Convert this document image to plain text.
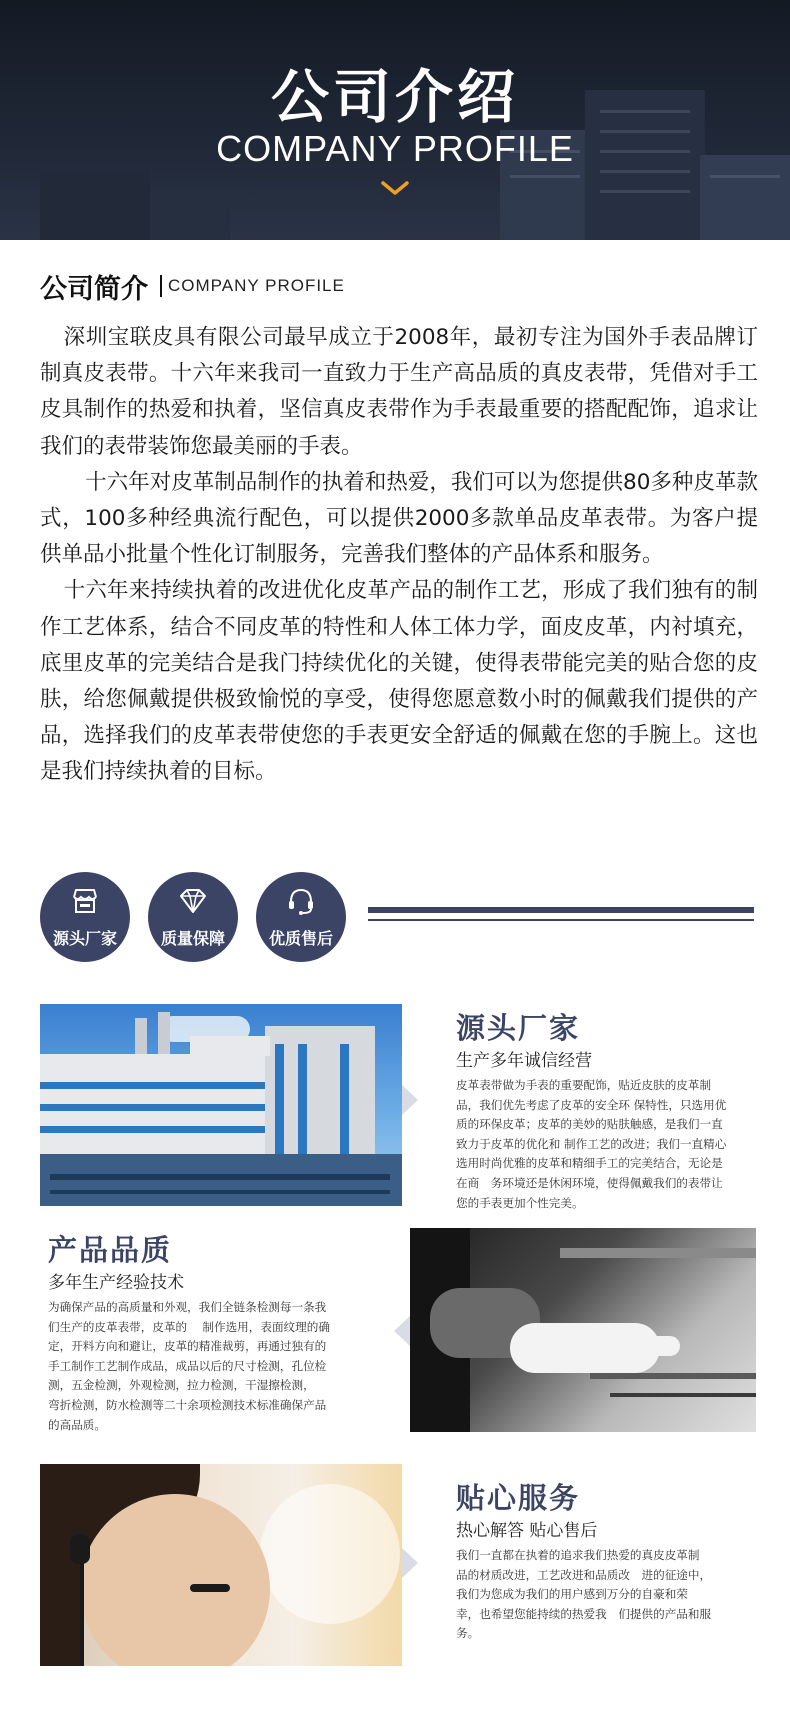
公司介绍
COMPANY PROFILE
公司简介 COMPANY PROFILE

深圳宝联皮具有限公司最早成立于2008年，最初专注为国外手表品牌订制真皮表带。十六年来我司一直致力于生产高品质的真皮表带，凭借对手工皮具制作的热爱和执着，坚信真皮表带作为手表最重要的搭配配饰，追求让我们的表带装饰您最美丽的手表。

十六年对皮革制品制作的执着和热爱，我们可以为您提供80多种皮革款式，100多种经典流行配色，可以提供2000多款单品皮革表带。为客户提供单品小批量个性化订制服务，完善我们整体的产品体系和服务。

十六年来持续执着的改进优化皮革产品的制作工艺，形成了我们独有的制作工艺体系，结合不同皮革的特性和人体工体力学，面皮皮革，内衬填充，底里皮革的完美结合是我门持续优化的关键，使得表带能完美的贴合您的皮肤，给您佩戴提供极致愉悦的享受，使得您愿意数小时的佩戴我们提供的产品，选择我们的皮革表带使您的手表更安全舒适的佩戴在您的手腕上。这也是我们持续执着的目标。

源头厂家	质量保障	优质售后
源头厂家
生产多年诚信经营
皮革表带做为手表的重要配饰，贴近皮肤的皮革制
品，我们优先考虑了皮革的安全环 保特性，只选用优
质的环保皮革；皮革的美妙的贴肤触感，是我们一直
致力于皮革的优化和 制作工艺的改进；我们一直精心
选用时尚优雅的皮革和精细手工的完美结合，无论是
在商　务环境还是休闲环境，使得佩戴我们的表带让
您的手表更加个性完美。
产品品质
多年生产经验技术
为确保产品的高质量和外观，我们全链条检测每一条我
们生产的皮革表带，皮革的　 制作选用，表面纹理的确
定，开料方向和避让，皮革的精准裁剪，再通过独有的
手工制作工艺制作成品，成品以后的尺寸检测，孔位检
测，五金检测，外观检测，拉力检测，干湿擦检测，
弯折检测，防水检测等二十余项检测技术标准确保产品
的高品质。
贴心服务
热心解答 贴心售后
我们一直都在执着的追求我们热爱的真皮皮革制
品的材质改进，工艺改进和品质改　进的征途中，
我们为您成为我们的用户感到万分的自豪和荣
幸，也希望您能持续的热爱我　们提供的产品和服
务。
